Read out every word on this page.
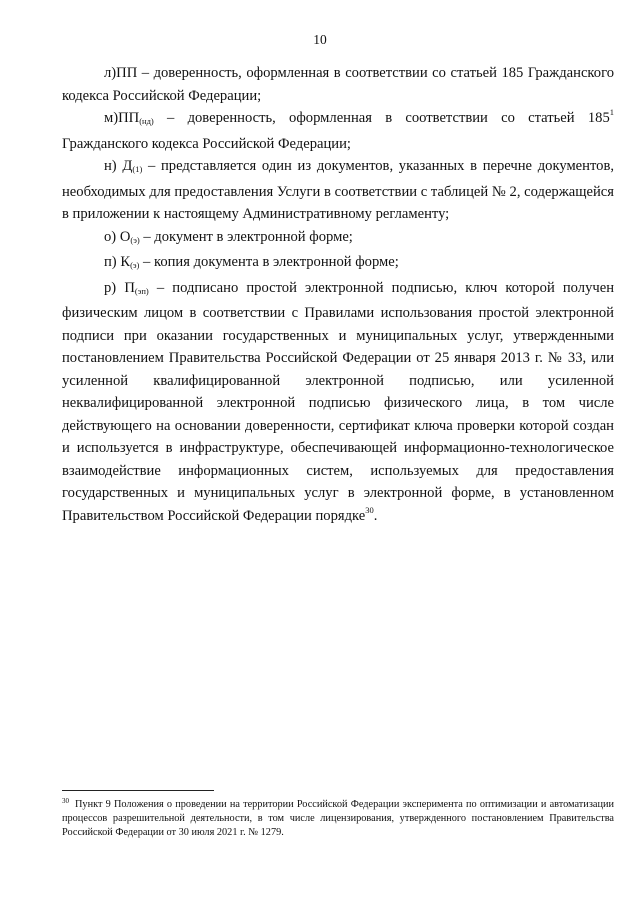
10

л)ПП – доверенность, оформленная в соответствии со статьей 185 Гражданского кодекса Российской Федерации;

$м)ПП_{(нд)}$ – доверенность, оформленная в соответствии со статьей $185^1$ Гражданского кодекса Российской Федерации;

н) $Д_{(1)}$ – представляется один из документов, указанных в перечне документов, необходимых для предоставления Услуги в соответствии с таблицей № 2, содержащейся в приложении к настоящему Административному регламенту;

о) $О_{(э)}$ – документ в электронной форме;

п) $К_{(э)}$ – копия документа в электронной форме;

р) $П_{(эп)}$ – подписано простой электронной подписью, ключ которой получен физическим лицом в соответствии с Правилами использования простой электронной подписи при оказании государственных и муниципальных услуг, утвержденными постановлением Правительства Российской Федерации от 25 января 2013 г. № 33, или усиленной квалифицированной электронной подписью, или усиленной неквалифицированной электронной подписью физического лица, в том числе действующего на основании доверенности, сертификат ключа проверки которой создан и используется в инфраструктуре, обеспечивающей информационно-технологическое взаимодействие информационных систем, используемых для предоставления государственных и муниципальных услуг в электронной форме, в установленном Правительством Российской Федерации порядке$^{30}$.

$^{30}$ Пункт 9 Положения о проведении на территории Российской Федерации эксперимента по оптимизации и автоматизации процессов разрешительной деятельности, в том числе лицензирования, утвержденного постановлением Правительства Российской Федерации от 30 июля 2021 г. № 1279.
